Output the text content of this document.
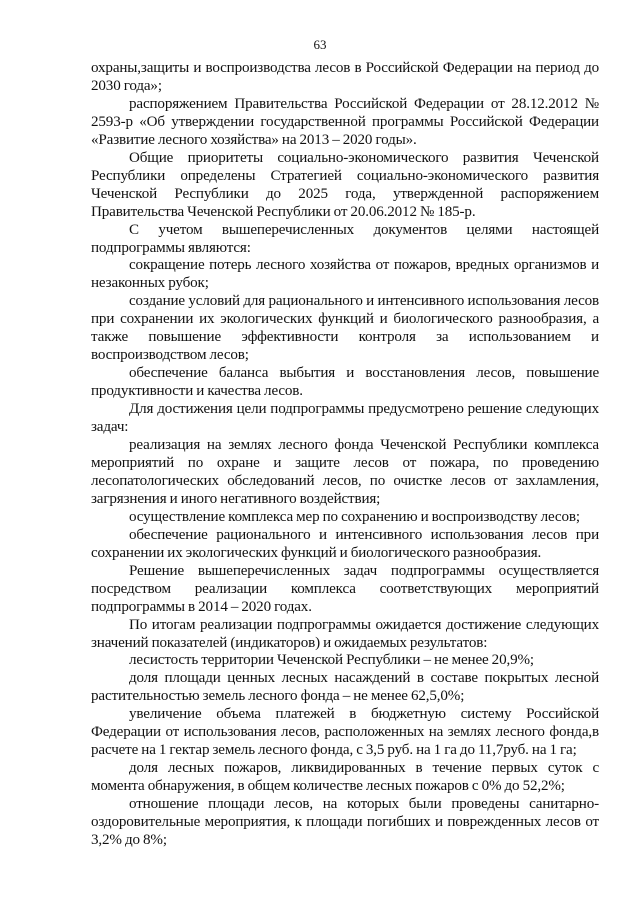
63

охраны,защиты и воспроизводства лесов в Российской Федерации на период до 2030 года»;

распоряжением Правительства Российской Федерации от 28.12.2012 № 2593-р «Об утверждении государственной программы Российской Федерации «Развитие лесного хозяйства» на 2013 – 2020 годы».

Общие приоритеты социально-экономического развития Чеченской Республики определены Стратегией социально-экономического развития Чеченской Республики до 2025 года, утвержденной распоряжением Правительства Чеченской Республики от 20.06.2012 № 185-р.

С учетом вышеперечисленных документов целями настоящей подпрограммы являются:

сокращение потерь лесного хозяйства от пожаров, вредных организмов и незаконных рубок;

создание условий для рационального и интенсивного использования лесов при сохранении их экологических функций и биологического разнообразия, а также повышение эффективности контроля за использованием и воспроизводством лесов;

обеспечение баланса выбытия и восстановления лесов, повышение продуктивности и качества лесов.

Для достижения цели подпрограммы предусмотрено решение следующих задач:

реализация на землях лесного фонда Чеченской Республики комплекса мероприятий по охране и защите лесов от пожара, по проведению лесопатологических обследований лесов, по очистке лесов от захламления, загрязнения и иного негативного воздействия;

осуществление комплекса мер по сохранению и воспроизводству лесов;

обеспечение рационального и интенсивного использования лесов при сохранении их экологических функций и биологического разнообразия.

Решение вышеперечисленных задач подпрограммы осуществляется посредством реализации комплекса соответствующих мероприятий подпрограммы в 2014 – 2020 годах.

По итогам реализации подпрограммы ожидается достижение следующих значений показателей (индикаторов) и ожидаемых результатов:

лесистость территории Чеченской Республики – не менее 20,9%;

доля площади ценных лесных насаждений в составе покрытых лесной растительностью земель лесного фонда – не менее 62,5,0%;

увеличение объема платежей в бюджетную систему Российской Федерации от использования лесов, расположенных на землях лесного фонда,в расчете на 1 гектар земель лесного фонда, с 3,5 руб. на 1 га до 11,7руб. на 1 га;

доля лесных пожаров, ликвидированных в течение первых суток с момента обнаружения, в общем количестве лесных пожаров с 0% до 52,2%;

отношение площади лесов, на которых были проведены санитарно-оздоровительные мероприятия, к площади погибших и поврежденных лесов от 3,2% до 8%;
